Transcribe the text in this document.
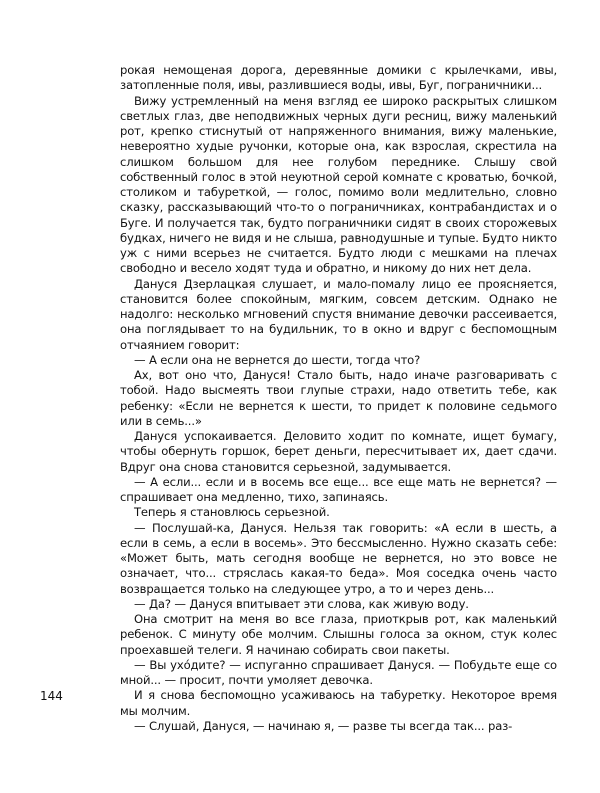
рокая немощеная дорога, деревянные домики с крылечками, ивы, затопленные поля, ивы, разлившиеся воды, ивы, Буг, пограничники...

Вижу устремленный на меня взгляд ее широко раскрытых слишком светлых глаз, две неподвижных черных дуги ресниц, вижу маленький рот, крепко стиснутый от напряженного внимания, вижу маленькие, невероятно худые ручонки, которые она, как взрослая, скрестила на слишком большом для нее голубом переднике. Слышу свой собственный голос в этой неуютной серой комнате с кроватью, бочкой, столиком и табуреткой, — голос, помимо воли медлительно, словно сказку, рассказывающий что-то о пограничниках, контрабандистах и о Буге. И получается так, будто пограничники сидят в своих сторожевых будках, ничего не видя и не слыша, равнодушные и тупые. Будто никто уж с ними всерьез не считается. Будто люди с мешками на плечах свободно и весело ходят туда и обратно, и никому до них нет дела.

Дануся Дзерлацкая слушает, и мало-помалу лицо ее проясняется, становится более спокойным, мягким, совсем детским. Однако не надолго: несколько мгновений спустя внимание девочки рассеивается, она поглядывает то на будильник, то в окно и вдруг с беспомощным отчаянием говорит:

— А если она не вернется до шести, тогда что?

Ах, вот оно что, Дануся! Стало быть, надо иначе разговаривать с тобой. Надо высмеять твои глупые страхи, надо ответить тебе, как ребенку: «Если не вернется к шести, то придет к половине седьмого или в семь...»

Дануся успокаивается. Деловито ходит по комнате, ищет бумагу, чтобы обернуть горшок, берет деньги, пересчитывает их, дает сдачи. Вдруг она снова становится серьезной, задумывается.

— А если... если и в восемь все еще... все еще мать не вернется? — спрашивает она медленно, тихо, запинаясь.

Теперь я становлюсь серьезной.

— Послушай-ка, Дануся. Нельзя так говорить: «А если в шесть, а если в семь, а если в восемь». Это бессмысленно. Нужно сказать себе: «Может быть, мать сегодня вообще не вернется, но это вовсе не означает, что... стряслась какая-то беда». Моя соседка очень часто возвращается только на следующее утро, а то и через день...

— Да? — Дануся впитывает эти слова, как живую воду.

Она смотрит на меня во все глаза, приоткрыв рот, как маленький ребенок. С минуту обе молчим. Слышны голоса за окном, стук колес проехавшей телеги. Я начинаю собирать свои пакеты.

— Вы ухóдите? — испуганно спрашивает Дануся. — Побудьте еще со мной... — просит, почти умоляет девочка.

И я снова беспомощно усаживаюсь на табуретку. Некоторое время мы молчим.

— Слушай, Дануся, — начинаю я, — разве ты всегда так... раз-

144
